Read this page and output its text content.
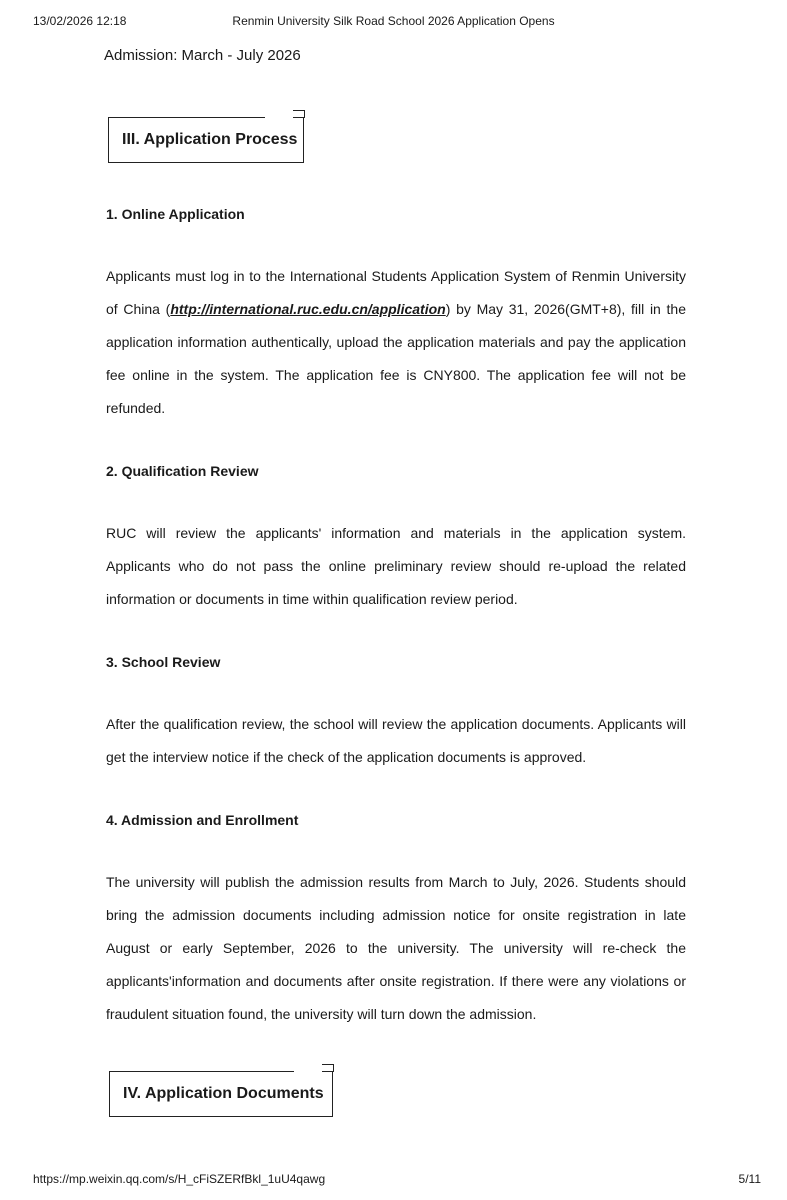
13/02/2026 12:18	Renmin University Silk Road School 2026 Application Opens
Admission: March - July 2026
III. Application Process
1. Online Application

Applicants must log in to the International Students Application System of Renmin University of China (http://international.ruc.edu.cn/application) by May 31, 2026(GMT+8), fill in the application information authentically, upload the application materials and pay the application fee online in the system. The application fee is CNY800. The application fee will not be refunded.

2. Qualification Review

RUC will review the applicants' information and materials in the application system. Applicants who do not pass the online preliminary review should re-upload the related information or documents in time within qualification review period.

3. School Review

After the qualification review, the school will review the application documents. Applicants will get the interview notice if the check of the application documents is approved.

4. Admission and Enrollment

The university will publish the admission results from March to July, 2026. Students should bring the admission documents including admission notice for onsite registration in late August or early September, 2026 to the university. The university will re-check the applicants'information and documents after onsite registration. If there were any violations or fraudulent situation found, the university will turn down the admission.

IV. Application Documents
https://mp.weixin.qq.com/s/H_cFiSZERfBkl_1uU4qawg	5/11
